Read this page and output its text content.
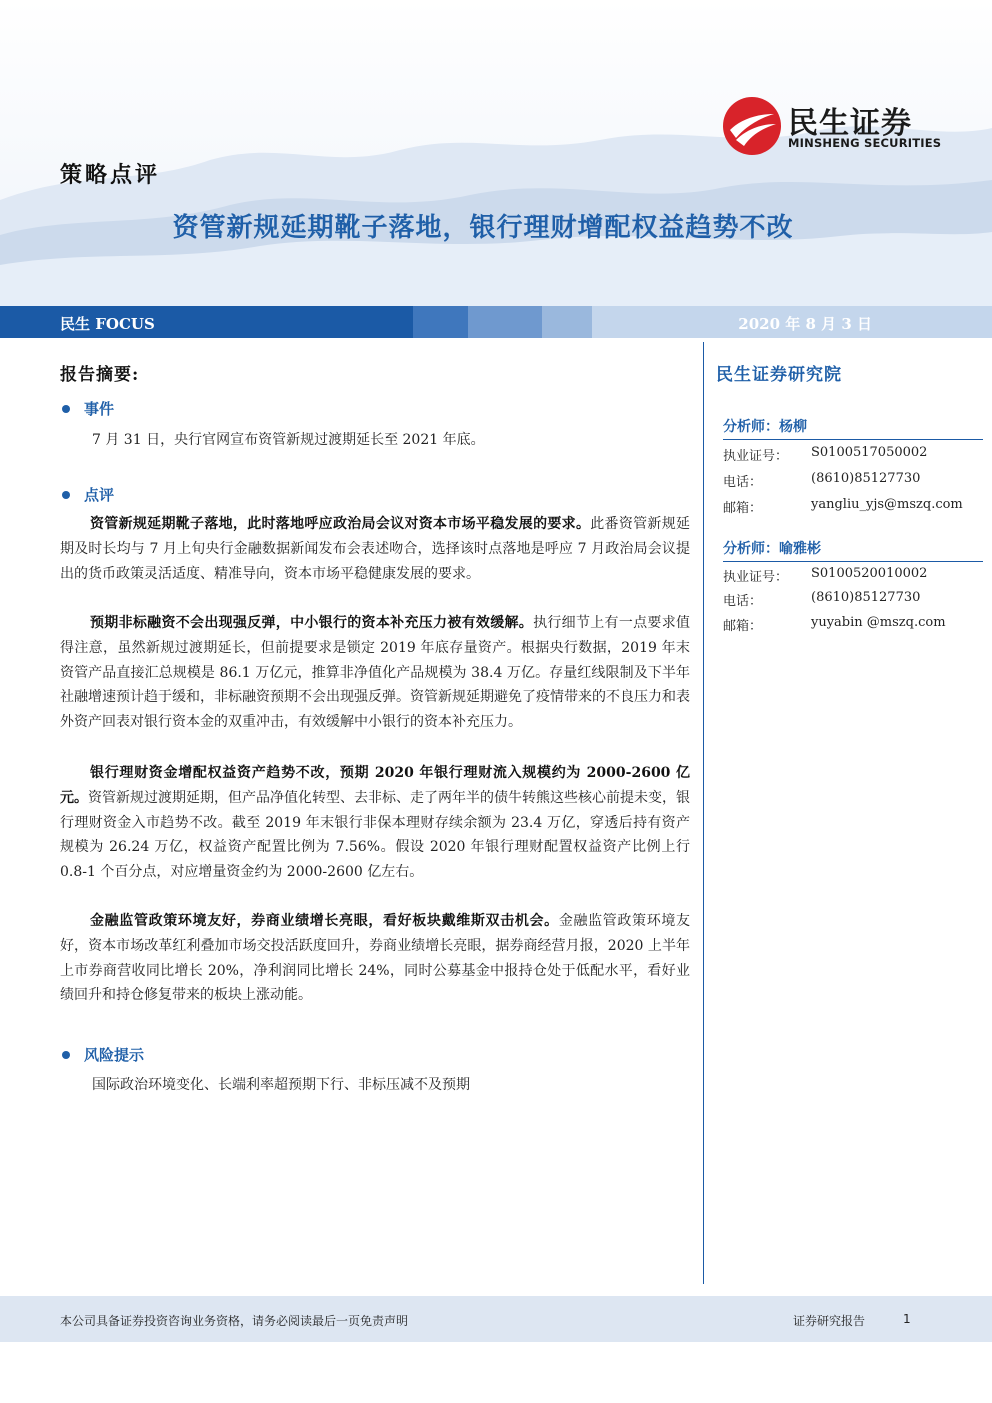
民生证券
MINSHENG SECURITIES
策略点评
资管新规延期靴子落地，银行理财增配权益趋势不改
民生 FOCUS	2020 年 8 月 3 日
报告摘要:
事件
7 月 31 日，央行官网宣布资管新规过渡期延长至 2021 年底。
点评
资管新规延期靴子落地，此时落地呼应政治局会议对资本市场平稳发展的要求。此番资管新规延期及时长均与 7 月上旬央行金融数据新闻发布会表述吻合，选择该时点落地是呼应 7 月政治局会议提出的货币政策灵活适度、精准导向，资本市场平稳健康发展的要求。
预期非标融资不会出现强反弹，中小银行的资本补充压力被有效缓解。执行细节上有一点要求值得注意，虽然新规过渡期延长，但前提要求是锁定 2019 年底存量资产。根据央行数据，2019 年末资管产品直接汇总规模是 86.1 万亿元，推算非净值化产品规模为 38.4 万亿。存量红线限制及下半年社融增速预计趋于缓和，非标融资预期不会出现强反弹。资管新规延期避免了疫情带来的不良压力和表外资产回表对银行资本金的双重冲击，有效缓解中小银行的资本补充压力。
银行理财资金增配权益资产趋势不改，预期 2020 年银行理财流入规模约为 2000-2600 亿元。资管新规过渡期延期，但产品净值化转型、去非标、走了两年半的债牛转熊这些核心前提未变，银行理财资金入市趋势不改。截至 2019 年末银行非保本理财存续余额为 23.4 万亿，穿透后持有资产规模为 26.24 万亿，权益资产配置比例为 7.56%。假设 2020 年银行理财配置权益资产比例上行 0.8-1 个百分点，对应增量资金约为 2000-2600 亿左右。
金融监管政策环境友好，券商业绩增长亮眼，看好板块戴维斯双击机会。金融监管政策环境友好，资本市场改革红利叠加市场交投活跃度回升，券商业绩增长亮眼，据券商经营月报，2020 上半年上市券商营收同比增长 20%，净利润同比增长 24%，同时公募基金中报持仓处于低配水平，看好业绩回升和持仓修复带来的板块上涨动能。
风险提示
国际政治环境变化、长端利率超预期下行、非标压减不及预期
民生证券研究院
分析师：杨柳
执业证号： S0100517050002
电话：	(8610)85127730
邮箱：	yangliu_yjs@mszq.com
分析师：喻雅彬
执业证号： S0100520010002
电话：	(8610)85127730
邮箱：	yuyabin @mszq.com
本公司具备证券投资咨询业务资格，请务必阅读最后一页免责声明	证券研究报告	1
